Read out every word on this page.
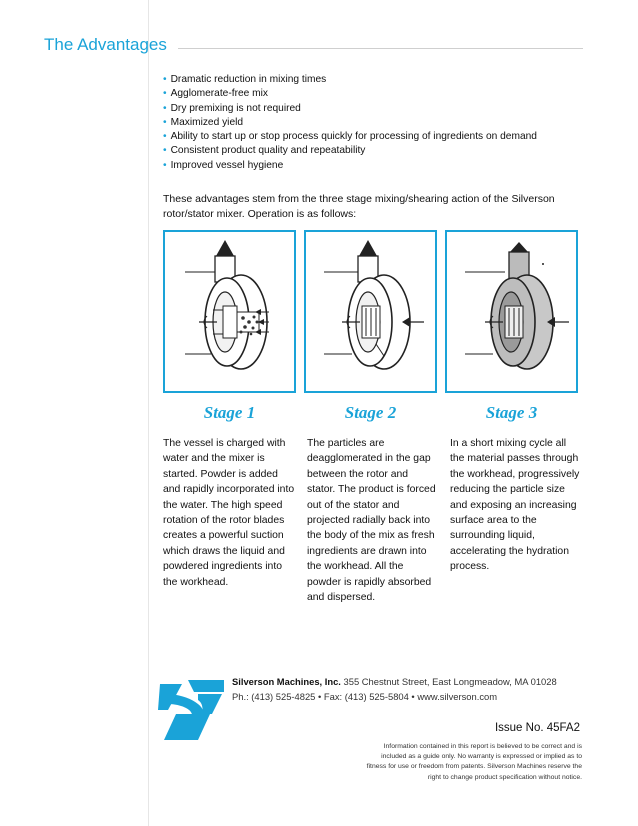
The Advantages
• Dramatic reduction in mixing times
• Agglomerate-free mix
• Dry premixing is not required
• Maximized yield
• Ability to start up or stop process quickly for processing of ingredients on demand
• Consistent product quality and repeatability
• Improved vessel hygiene
These advantages stem from the three stage mixing/shearing action of the Silverson rotor/stator mixer. Operation is as follows:
Stage 1	Stage 2	Stage 3
The vessel is charged with water and the mixer is started. Powder is added and rapidly incorporated into the water. The high speed rotation of the rotor blades creates a powerful suction which draws the liquid and powdered ingredients into the workhead.
The particles are deagglomerated in the gap between the rotor and stator. The product is forced out of the stator and projected radially back into the body of the mix as fresh ingredients are drawn into the workhead. All the powder is rapidly absorbed and dispersed.
In a short mixing cycle all the material passes through the workhead, progressively reducing the particle size and exposing an increasing surface area to the surrounding liquid, accelerating the hydration process.
Silverson Machines, Inc. 355 Chestnut Street, East Longmeadow, MA 01028
Ph.: (413) 525-4825 • Fax: (413) 525-5804 • www.silverson.com
Issue No. 45FA2
Information contained in this report is believed to be correct and is included as a guide only. No warranty is expressed or implied as to fitness for use or freedom from patents. Silverson Machines reserve the right to change product specification without notice.
